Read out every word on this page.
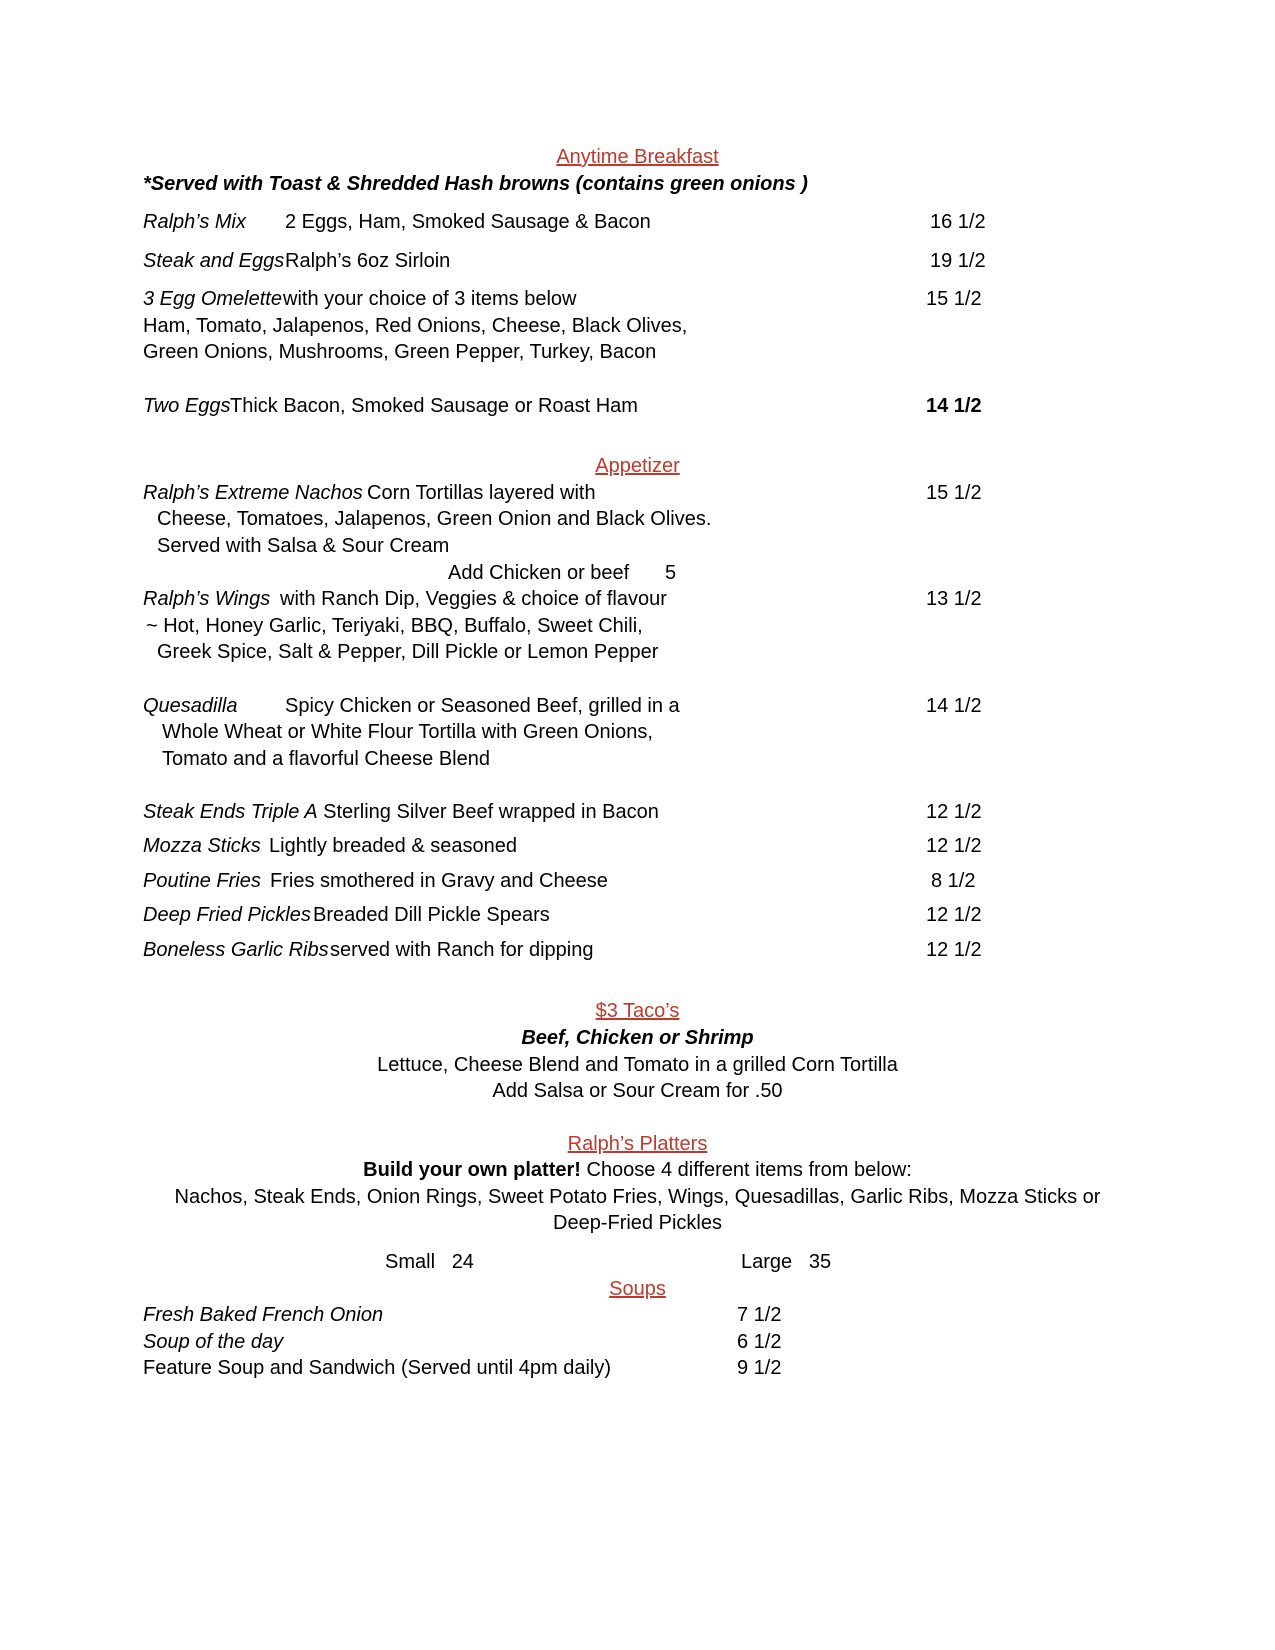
Anytime Breakfast
*Served with Toast & Shredded Hash browns (contains green onions )
Ralph’s Mix 2 Eggs, Ham, Smoked Sausage & Bacon	16 1/2
Steak and Eggs Ralph’s 6oz Sirloin	19 1/2
3 Egg Omelette with your choice of 3 items below	15 1/2
Ham, Tomato, Jalapenos, Red Onions, Cheese, Black Olives,
Green Onions, Mushrooms, Green Pepper, Turkey, Bacon
Two Eggs Thick Bacon, Smoked Sausage or Roast Ham	14 1/2
Appetizer
Ralph’s Extreme Nachos Corn Tortillas layered with	15 1/2
Cheese, Tomatoes, Jalapenos, Green Onion and Black Olives.
Served with Salsa & Sour Cream
Add Chicken or beef 5
Ralph’s Wings with Ranch Dip, Veggies & choice of flavour	13 1/2
~ Hot, Honey Garlic, Teriyaki, BBQ, Buffalo, Sweet Chili,
Greek Spice, Salt & Pepper, Dill Pickle or Lemon Pepper
Quesadilla Spicy Chicken or Seasoned Beef, grilled in a	14 1/2
Whole Wheat or White Flour Tortilla with Green Onions,
Tomato and a flavorful Cheese Blend
Steak Ends Triple A Sterling Silver Beef wrapped in Bacon	12 1/2
Mozza Sticks Lightly breaded & seasoned	12 1/2
Poutine Fries Fries smothered in Gravy and Cheese	8 1/2
Deep Fried Pickles Breaded Dill Pickle Spears	12 1/2
Boneless Garlic Ribs served with Ranch for dipping	12 1/2
$3 Taco’s
Beef, Chicken or Shrimp
Lettuce, Cheese Blend and Tomato in a grilled Corn Tortilla
Add Salsa or Sour Cream for .50
Ralph’s Platters
Build your own platter! Choose 4 different items from below:
Nachos, Steak Ends, Onion Rings, Sweet Potato Fries, Wings, Quesadillas, Garlic Ribs, Mozza Sticks or
Deep-Fried Pickles
Small 24	Large 35
Soups
Fresh Baked French Onion	7 1/2
Soup of the day	6 1/2
Feature Soup and Sandwich (Served until 4pm daily)	9 1/2
